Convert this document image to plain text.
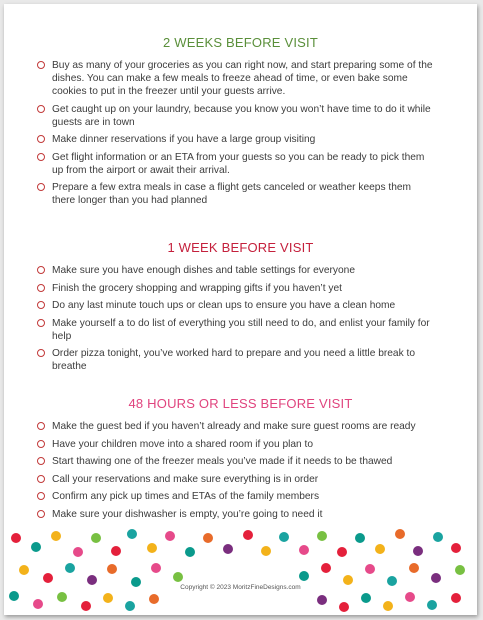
2 WEEKS BEFORE VISIT
Buy as many of your groceries as you can right now, and start preparing some of the dishes. You can make a few meals to freeze ahead of time, or even bake some cookies to put in the freezer until your guests arrive.
Get caught up on your laundry, because you know you won’t have time to do it while guests are in town
Make dinner reservations if you have a large group visiting
Get flight information or an ETA from your guests so you can be ready to pick them up from the airport or await their arrival.
Prepare a few extra meals in case a flight gets canceled or weather keeps them there longer than you had planned
1 WEEK BEFORE VISIT
Make sure you have enough dishes and table settings for everyone
Finish the grocery shopping and wrapping gifts if you haven’t yet
Do any last minute touch ups or clean ups to ensure you have a clean home
Make yourself a to do list of everything you still need to do, and enlist your family for help
Order pizza tonight, you’ve worked hard to prepare and you need a little break to breathe
48 HOURS OR LESS BEFORE VISIT
Make the guest bed if you haven’t already and make sure guest rooms are ready
Have your children move into a shared room if you plan to
Start thawing one of the freezer meals you’ve made if it needs to be thawed
Call your reservations and make sure everything is in order
Confirm any pick up times and ETAs of the family members
Make sure your dishwasher is empty, you’re going to need it
Copyright © 2023 MoritzFineDesigns.com
